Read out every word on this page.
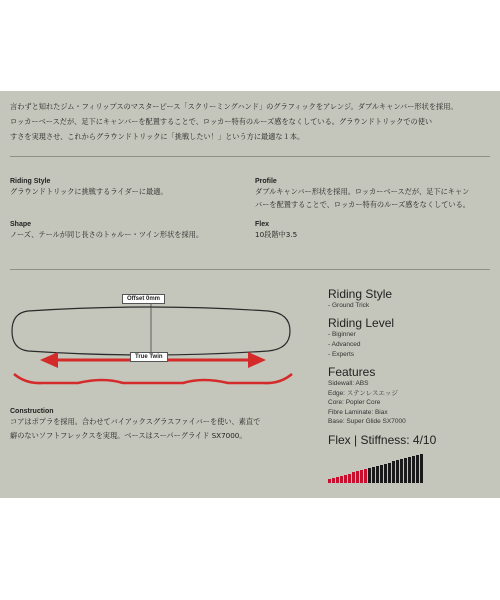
言わずと知れたジム・フィリップスのマスターピース「スクリーミングハンド」のグラフィックをアレンジ。ダブルキャンバー形状を採用。
ロッカーベースだが、足下にキャンバーを配置することで、ロッカー特有のルーズ感をなくしている。グラウンドトリックでの使い
すさを実現させ、これからグラウンドトリックに「挑戦したい！」という方に最適な１本。
Riding Style
グラウンドトリックに挑戦するライダーに最適。
Profile
ダブルキャンバー形状を採用。ロッカーベースだが、足下にキャン
バーを配置することで、ロッカー特有のルーズ感をなくしている。
Shape
ノーズ、テールが同じ長さのトゥルー・ツイン形状を採用。
Flex
10段階中3.5
Offset 0mm
True Twin
Construction
コアはポプラを採用。合わせてバイアックスグラスファイバーを使い、素直で
癖のないソフトフレックスを実現。ベースはスーパーグライド SX7000。
Riding Style
- Ground Trick
Riding Level
- Biginner
- Advanced
- Experts
Features
Sidewall: ABS
Edge: ステンレスエッジ
Core: Popler Core
Fibre Laminate: Biax
Base: Super Glide SX7000
Flex | Stiffness: 4/10
